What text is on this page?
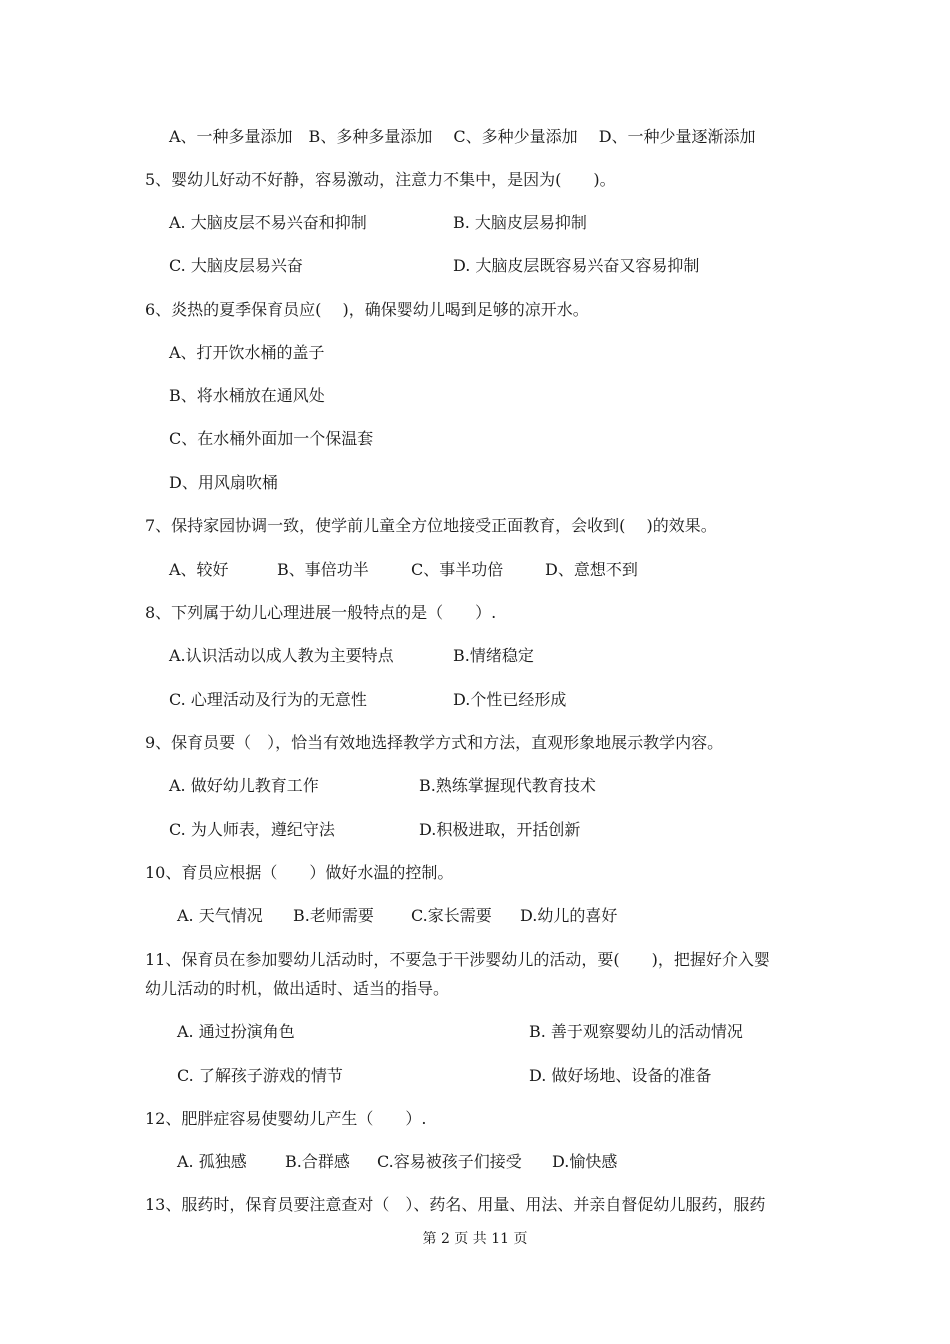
A、一种多量添加　B、多种多量添加　 C、多种少量添加　 D、一种少量逐渐添加
5、婴幼儿好动不好静，容易激动，注意力不集中，是因为(　　)。
A. 大脑皮层不易兴奋和抑制	B. 大脑皮层易抑制
C. 大脑皮层易兴奋	D. 大脑皮层既容易兴奋又容易抑制
6、炎热的夏季保育员应(　 )，确保婴幼儿喝到足够的凉开水。
A、打开饮水桶的盖子
B、将水桶放在通风处
C、在水桶外面加一个保温套
D、用风扇吹桶
7、保持家园协调一致，使学前儿童全方位地接受正面教育，会收到(　 )的效果。
A、较好	B、事倍功半	C、事半功倍	D、意想不到
8、下列属于幼儿心理进展一般特点的是（　　）.
A.认识活动以成人教为主要特点	B.情绪稳定
C. 心理活动及行为的无意性	D.个性已经形成
9、保育员要（　），恰当有效地选择教学方式和方法，直观形象地展示教学内容。
A. 做好幼儿教育工作	B.熟练掌握现代教育技术
C. 为人师表，遵纪守法	D.积极进取，开括创新
10、育员应根据（　　）做好水温的控制。
A. 天气情况 B.老师需要 C.家长需要 D.幼儿的喜好
11、保育员在参加婴幼儿活动时，不要急于干涉婴幼儿的活动，要(　　)，把握好介入婴
幼儿活动的时机，做出适时、适当的指导。
A. 通过扮演角色	B. 善于观察婴幼儿的活动情况
C. 了解孩子游戏的情节	D. 做好场地、设备的准备
12、肥胖症容易使婴幼儿产生（　　）.
A. 孤独感 B.合群感 C.容易被孩子们接受 D.愉快感
13、服药时，保育员要注意查对（　）、药名、用量、用法、并亲自督促幼儿服药，服药
第 2 页 共 11 页
